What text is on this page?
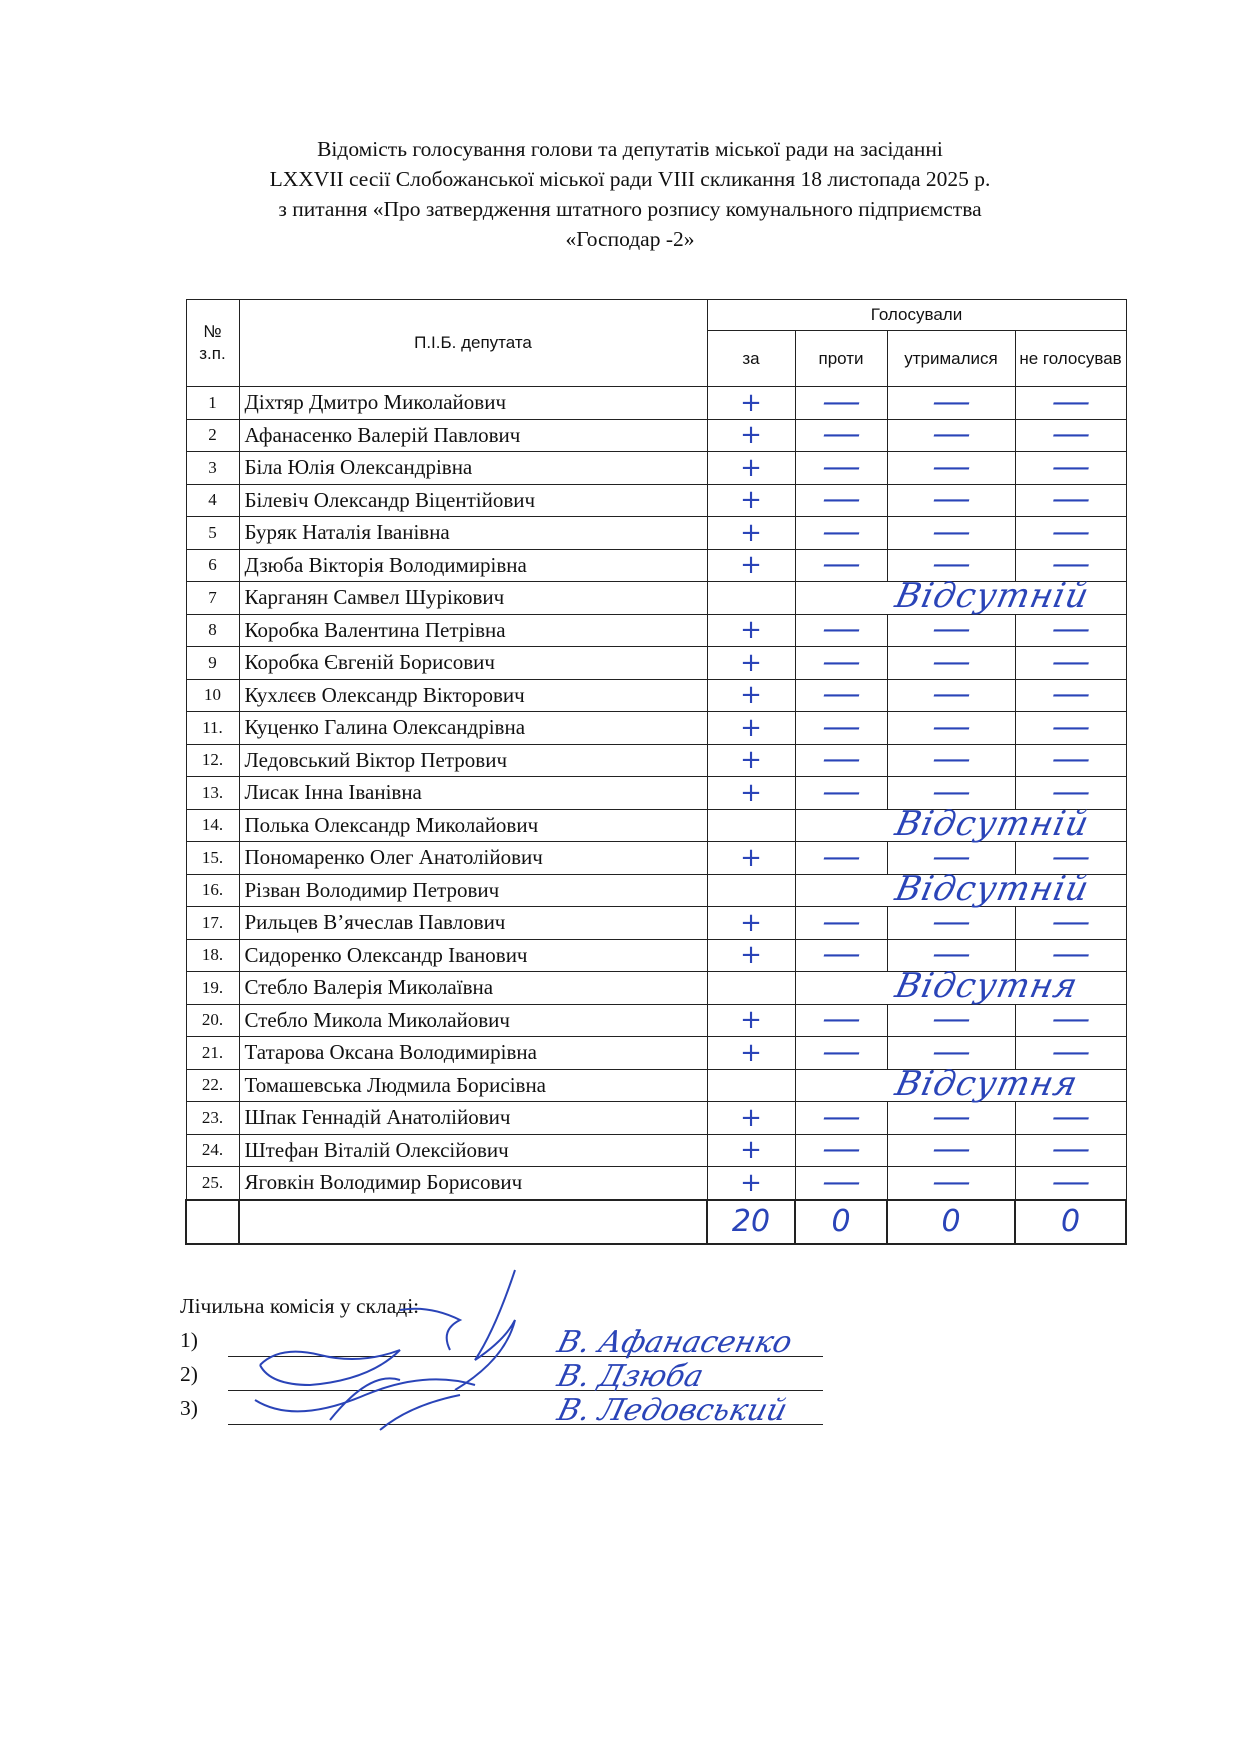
Відомість голосування голови та депутатів міської ради на засіданні
LXXVII сесії Слобожанської міської ради VIII скликання 18 листопада 2025 р.
з питання «Про затвердження штатного розпису комунального підприємства
«Господар -2»
№ з.п.	П.І.Б. депутата	Голосували			
		за	проти	утрималися	не голосував
1	Діхтяр Дмитро Миколайович	+	—	—	—

2	Афанасенко Валерій Павлович	+	—	—	—

3	Біла Юлія Олександрівна	+	—	—	—

4	Білевіч Олександр Віцентійович	+	—	—	—

5	Буряк Наталія Іванівна	+	—	—	—

6	Дзюба Вікторія Володимирівна	+	—	—	—

7	Карганян Самвел Шурікович		Відсутній		

8	Коробка Валентина Петрівна	+	—	—	—

9	Коробка Євгеній Борисович	+	—	—	—

10	Кухлєєв Олександр Вікторович	+	—	—	—

11.	Куценко Галина Олександрівна	+	—	—	—

12.	Ледовський Віктор Петрович	+	—	—	—

13.	Лисак Інна Іванівна	+	—	—	—

14.	Полька Олександр Миколайович		Відсутній		

15.	Пономаренко Олег Анатолійович	+	—	—	—

16.	Різван Володимир Петрович		Відсутній		

17.	Рильцев В’ячеслав Павлович	+	—	—	—

18.	Сидоренко Олександр Іванович	+	—	—	—

19.	Стебло Валерія Миколаївна		Відсутня		

20.	Стебло Микола Миколайович	+	—	—	—

21.	Татарова Оксана Володимирівна	+	—	—	—

22.	Томашевська Людмила Борисівна		Відсутня		

23.	Шпак Геннадій Анатолійович	+	—	—	—

24.	Штефан Віталій Олексійович	+	—	—	—

25.	Яговкін Володимир Борисович	+	—	—	—

		20	0	0	0
Лічильна комісія у складі:
1)	В. Афанасенко
2)	В. Дзюба
3)	В. Ледовський
